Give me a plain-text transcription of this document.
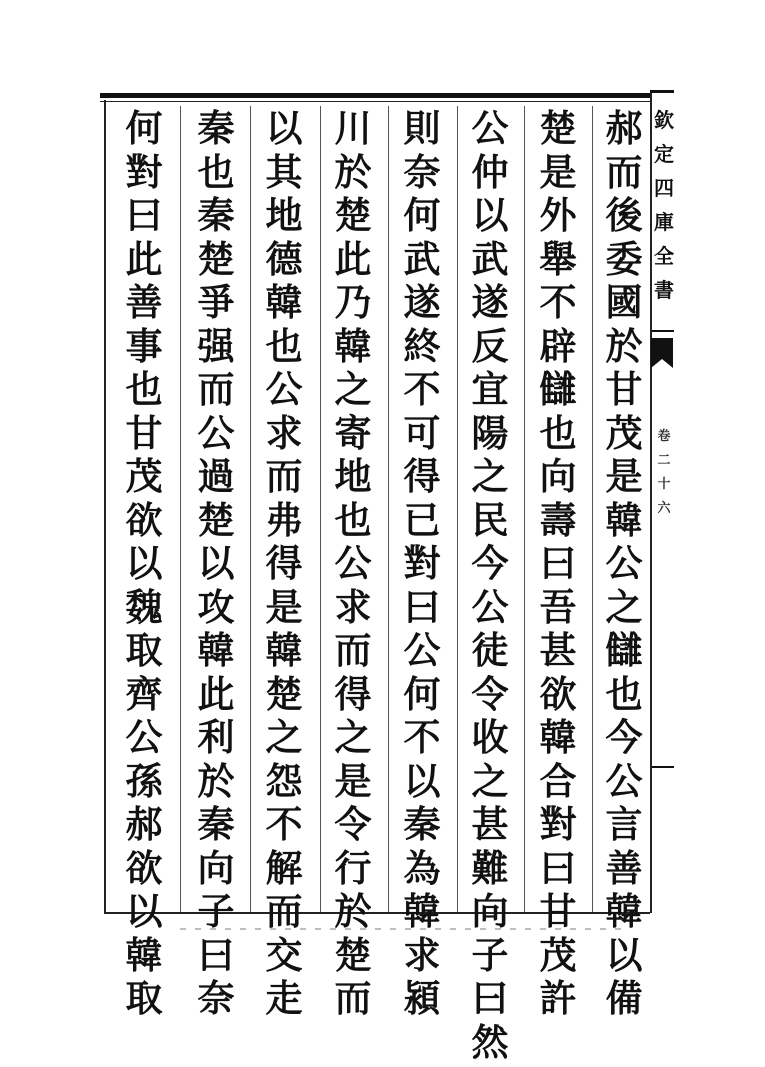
欽
定
四
庫
全
書
卷
二
十
六
郝
而
後
委
國
於
甘
茂
是
韓
公
之
讎
也
今
公
言
善
韓
以
備
楚
是
外
舉
不
辟
讎
也
向
壽
曰
吾
甚
欲
韓
合
對
曰
甘
茂
許
公
仲
以
武
遂
反
宜
陽
之
民
今
公
徒
令
收
之
甚
難
向
子
曰
然
則
奈
何
武
遂
終
不
可
得
已
對
曰
公
何
不
以
秦
為
韓
求
潁
川
於
楚
此
乃
韓
之
寄
地
也
公
求
而
得
之
是
令
行
於
楚
而
以
其
地
德
韓
也
公
求
而
弗
得
是
韓
楚
之
怨
不
解
而
交
走
秦
也
秦
楚
爭
强
而
公
過
楚
以
攻
韓
此
利
於
秦
向
子
曰
奈
何
對
曰
此
善
事
也
甘
茂
欲
以
魏
取
齊
公
孫
郝
欲
以
韓
取
